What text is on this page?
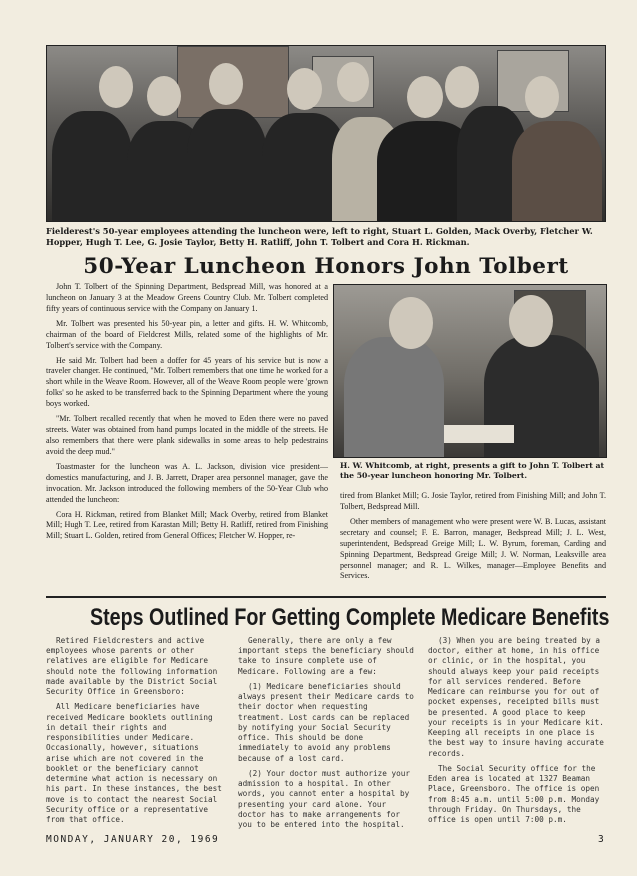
Fielderest's 50-year employees attending the luncheon were, left to right, Stuart L. Golden, Mack Overby, Fletcher W. Hopper, Hugh T. Lee, G. Josie Taylor, Betty H. Ratliff, John T. Tolbert and Cora H. Rickman.
50-Year Luncheon Honors John Tolbert

John T. Tolbert of the Spinning Department, Bedspread Mill, was honored at a luncheon on January 3 at the Meadow Greens Country Club. Mr. Tolbert completed fifty years of continuous service with the Company on January 1.

Mr. Tolbert was presented his 50-year pin, a letter and gifts. H. W. Whitcomb, chairman of the board of Fieldcrest Mills, related some of the highlights of Mr. Tolbert's service with the Company.

He said Mr. Tolbert had been a doffer for 45 years of his service but is now a traveler changer. He continued, "Mr. Tolbert remembers that one time he worked for a short while in the Weave Room. However, all of the Weave Room people were 'grown folks' so he asked to be transferred back to the Spinning Department where the young boys worked.

"Mr. Tolbert recalled recently that when he moved to Eden there were no paved streets. Water was obtained from hand pumps located in the middle of the streets. He also remembers that there were plank sidewalks in some areas to help pedestrains avoid the deep mud."

Toastmaster for the luncheon was A. L. Jackson, division vice president—domestics manufacturing, and J. B. Jarrett, Draper area personnel manager, gave the invocation. Mr. Jackson introduced the following members of the 50-Year Club who attended the luncheon:

Cora H. Rickman, retired from Blanket Mill; Mack Overby, retired from Blanket Mill; Hugh T. Lee, retired from Karastan Mill; Betty H. Ratliff, retired from Finishing Mill; Stuart L. Golden, retired from General Offices; Fletcher W. Hopper, re-

H. W. Whitcomb, at right, presents a gift to John T. Tolbert at the 50-year luncheon honoring Mr. Tolbert.

tired from Blanket Mill; G. Josie Taylor, retired from Finishing Mill; and John T. Tolbert, Bedspread Mill.

Other members of management who were present were W. B. Lucas, assistant secretary and counsel; F. E. Barron, manager, Bedspread Mill; J. L. West, superintendent, Bedspread Greige Mill; L. W. Byrum, foreman, Carding and Spinning Department, Bedspread Greige Mill; J. W. Norman, Leaksville area personnel manager; and R. L. Wilkes, manager—Employee Benefits and Services.

Steps Outlined For Getting Complete Medicare Benefits

Retired Fieldcresters and active employees whose parents or other relatives are eligible for Medicare should note the following information made available by the District Social Security Office in Greensboro:

All Medicare beneficiaries have received Medicare booklets outlining in detail their rights and responsibilities under Medicare. Occasionally, however, situations arise which are not covered in the booklet or the beneficiary cannot determine what action is necessary on his part. In these instances, the best move is to contact the nearest Social Security office or a representative from that office.

Generally, there are only a few important steps the beneficiary should take to insure complete use of Medicare. Following are a few:

(1) Medicare beneficiaries should always present their Medicare cards to their doctor when requesting treatment. Lost cards can be replaced by notifying your Social Security office. This should be done immediately to avoid any problems because of a lost card.

(2) Your doctor must authorize your admission to a hospital. In other words, you cannot enter a hospital by presenting your card alone. Your doctor has to make arrangements for you to be entered into the hospital.

(3) When you are being treated by a doctor, either at home, in his office or clinic, or in the hospital, you should always keep your paid receipts for all services rendered. Before Medicare can reimburse you for out of pocket expenses, receipted bills must be presented. A good place to keep your receipts is in your Medicare kit. Keeping all receipts in one place is the best way to insure having accurate records.

The Social Security office for the Eden area is located at 1327 Beaman Place, Greensboro. The office is open from 8:45 a.m. until 5:00 p.m. Monday through Friday. On Thursdays, the office is open until 7:00 p.m.

MONDAY, JANUARY 20, 1969	3
